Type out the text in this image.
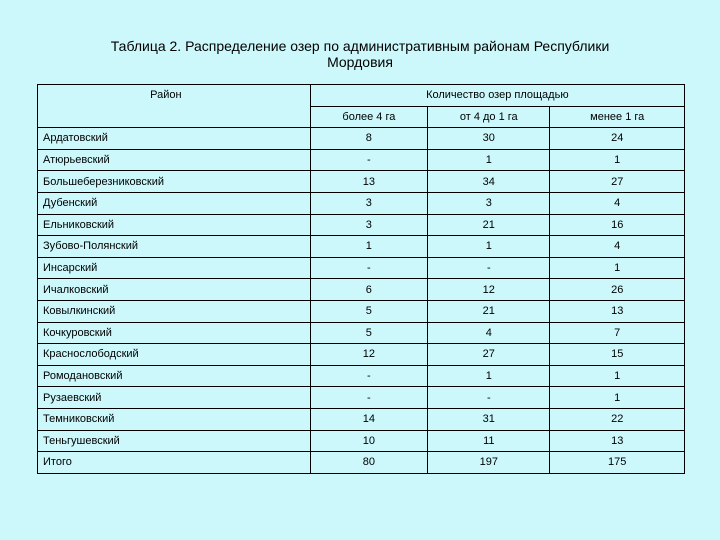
Таблица 2. Распределение озер по административным районам Республики
Мордовия
Район	Количество озер площадью		
	более 4 га	от 4 до 1 га	менее 1 га
Ардатовский	8	30	24
Атюрьевский	-	1	1
Большеберезниковский	13	34	27
Дубенский	3	3	4
Ельниковский	3	21	16
Зубово-Полянский	1	1	4
Инсарский	-	-	1
Ичалковский	6	12	26
Ковылкинский	5	21	13
Кочкуровский	5	4	7
Краснослободский	12	27	15
Ромодановский	-	1	1
Рузаевский	-	-	1
Темниковский	14	31	22
Теньгушевский	10	11	13
Итого	80	197	175
